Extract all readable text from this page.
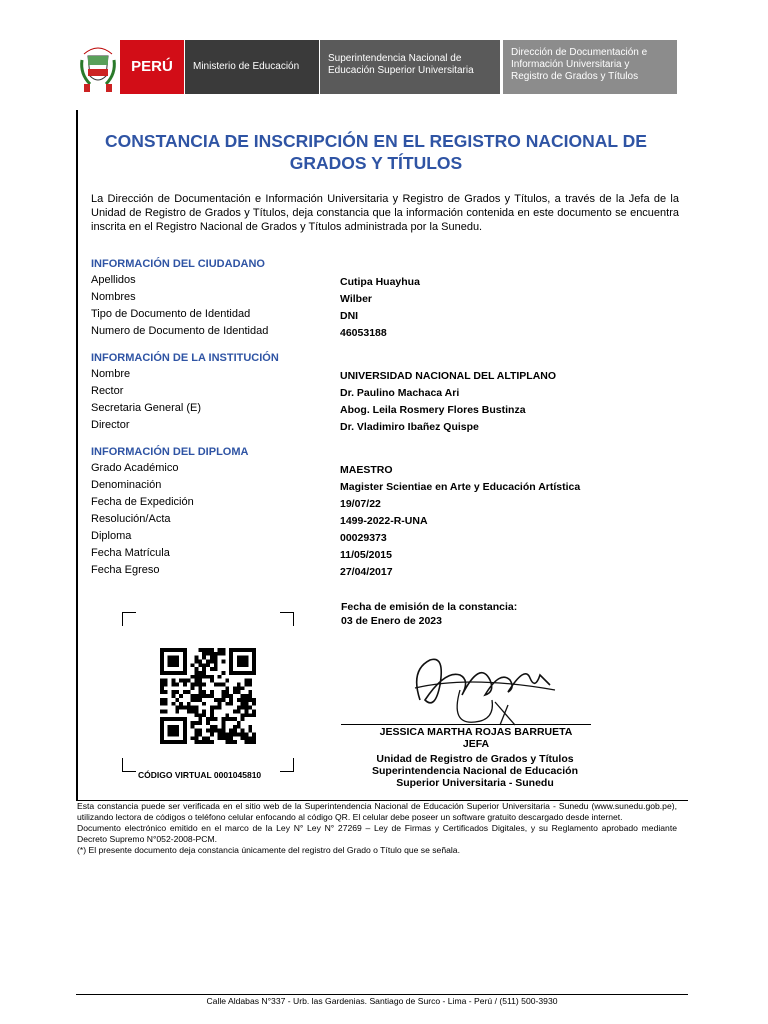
PERÚ	Ministerio de Educación
Superintendencia Nacional de
Educación Superior Universitaria
Dirección de Documentación e
Información Universitaria y
Registro de Grados y Títulos
CONSTANCIA DE INSCRIPCIÓN EN EL REGISTRO NACIONAL DE
GRADOS Y TÍTULOS
La Dirección de Documentación e Información Universitaria y Registro de Grados y Títulos, a través de la Jefa de la Unidad de Registro de Grados y Títulos, deja constancia que la información contenida en este documento se encuentra inscrita en el Registro Nacional de Grados y Títulos administrada por la Sunedu.
INFORMACIÓN DEL CIUDADANO
Apellidos	Cutipa Huayhua
Nombres	Wilber
Tipo de Documento de Identidad	DNI
Numero de Documento de Identidad	46053188
INFORMACIÓN DE LA INSTITUCIÓN
Nombre	UNIVERSIDAD NACIONAL DEL ALTIPLANO
Rector	Dr. Paulino Machaca Ari
Secretaria General (E)	Abog. Leila Rosmery Flores Bustinza
Director	Dr. Vladimiro Ibañez Quispe
INFORMACIÓN DEL DIPLOMA
Grado Académico	MAESTRO
Denominación	Magister Scientiae en Arte y Educación Artística
Fecha de Expedición	19/07/22
Resolución/Acta	1499-2022-R-UNA
Diploma	00029373
Fecha Matrícula	11/05/2015
Fecha Egreso	27/04/2017
CÓDIGO VIRTUAL 0001045810
Fecha de emisión de la constancia:
03 de Enero de 2023
JESSICA MARTHA ROJAS BARRUETA
JEFA
Unidad de Registro de Grados y Títulos
Superintendencia Nacional de Educación
Superior Universitaria - Sunedu
Esta constancia puede ser verificada en el sitio web de la Superintendencia Nacional de Educación Superior Universitaria - Sunedu (www.sunedu.gob.pe), utilizando lectora de códigos o teléfono celular enfocando al código QR. El celular debe poseer un software gratuito descargado desde internet.
Documento electrónico emitido en el marco de la Ley N° Ley N° 27269 – Ley de Firmas y Certificados Digitales, y su Reglamento aprobado mediante Decreto Supremo N°052-2008-PCM.
(*) El presente documento deja constancia únicamente del registro del Grado o Título que se señala.
Calle Aldabas N°337 - Urb. las Gardenias. Santiago de Surco - Lima - Perú / (511) 500-3930
